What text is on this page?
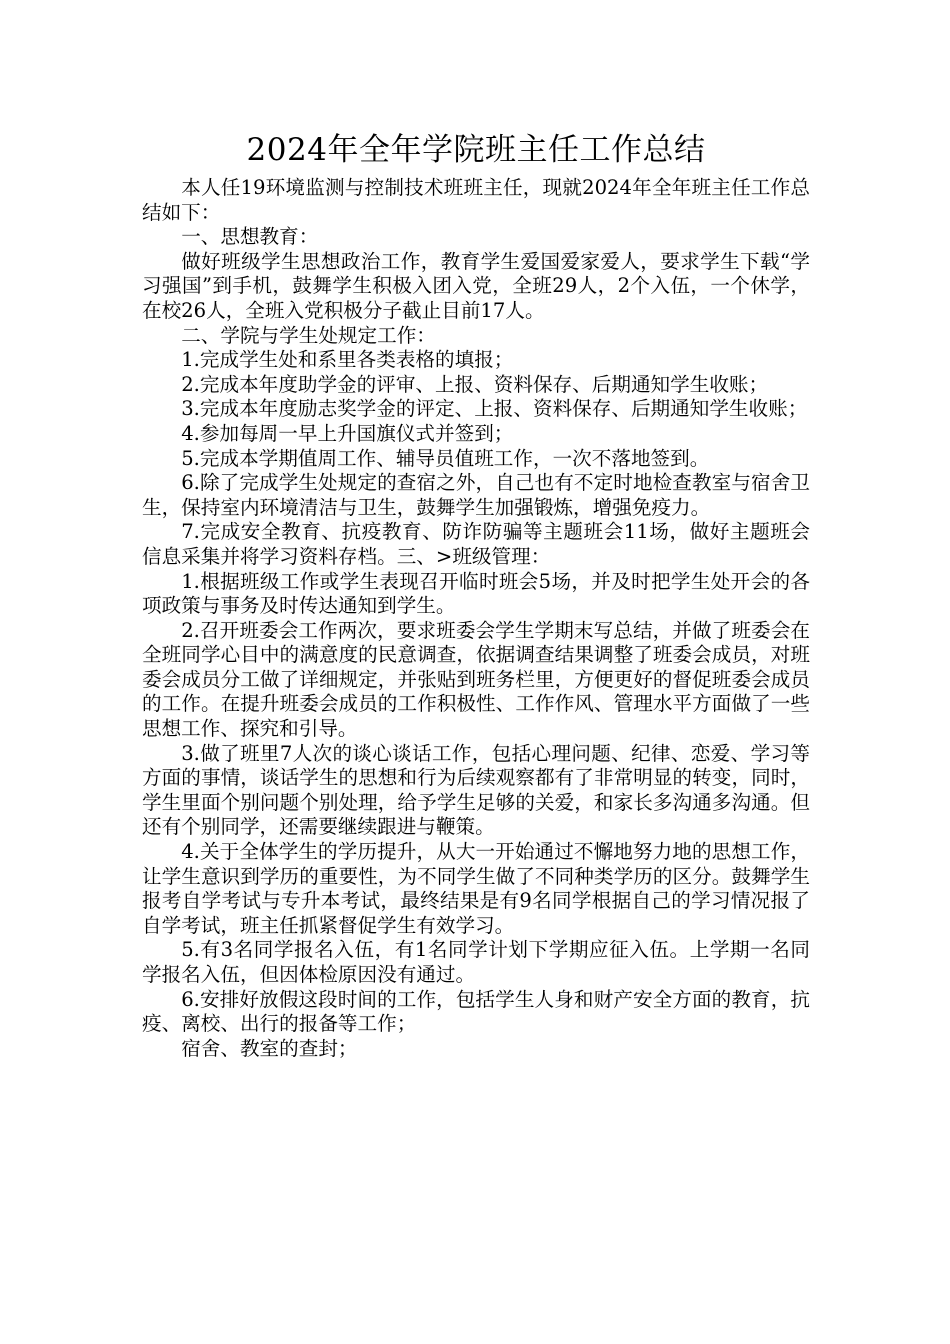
2024年全年学院班主任工作总结

本人任19环境监测与控制技术班班主任，现就2024年全年班主任工作总结如下：

一、思想教育：

做好班级学生思想政治工作，教育学生爱国爱家爱人，要求学生下载“学习强国”到手机，鼓舞学生积极入团入党，全班29人，2个入伍，一个休学，在校26人，全班入党积极分子截止目前17人。

二、学院与学生处规定工作：

1.完成学生处和系里各类表格的填报；

2.完成本年度助学金的评审、上报、资料保存、后期通知学生收账；

3.完成本年度励志奖学金的评定、上报、资料保存、后期通知学生收账；

4.参加每周一早上升国旗仪式并签到；

5.完成本学期值周工作、辅导员值班工作，一次不落地签到。

6.除了完成学生处规定的查宿之外，自己也有不定时地检查教室与宿舍卫生，保持室内环境清洁与卫生，鼓舞学生加强锻炼，增强免疫力。

7.完成安全教育、抗疫教育、防诈防骗等主题班会11场，做好主题班会信息采集并将学习资料存档。三、>班级管理：

1.根据班级工作或学生表现召开临时班会5场，并及时把学生处开会的各项政策与事务及时传达通知到学生。

2.召开班委会工作两次，要求班委会学生学期末写总结，并做了班委会在全班同学心目中的满意度的民意调查，依据调查结果调整了班委会成员，对班委会成员分工做了详细规定，并张贴到班务栏里，方便更好的督促班委会成员的工作。在提升班委会成员的工作积极性、工作作风、管理水平方面做了一些思想工作、探究和引导。

3.做了班里7人次的谈心谈话工作，包括心理问题、纪律、恋爱、学习等方面的事情，谈话学生的思想和行为后续观察都有了非常明显的转变，同时，学生里面个别问题个别处理，给予学生足够的关爱，和家长多沟通多沟通。但还有个别同学，还需要继续跟进与鞭策。

4.关于全体学生的学历提升，从大一开始通过不懈地努力地的思想工作，让学生意识到学历的重要性，为不同学生做了不同种类学历的区分。鼓舞学生报考自学考试与专升本考试，最终结果是有9名同学根据自己的学习情况报了自学考试，班主任抓紧督促学生有效学习。

5.有3名同学报名入伍，有1名同学计划下学期应征入伍。上学期一名同学报名入伍，但因体检原因没有通过。

6.安排好放假这段时间的工作，包括学生人身和财产安全方面的教育，抗疫、离校、出行的报备等工作；

宿舍、教室的查封；
